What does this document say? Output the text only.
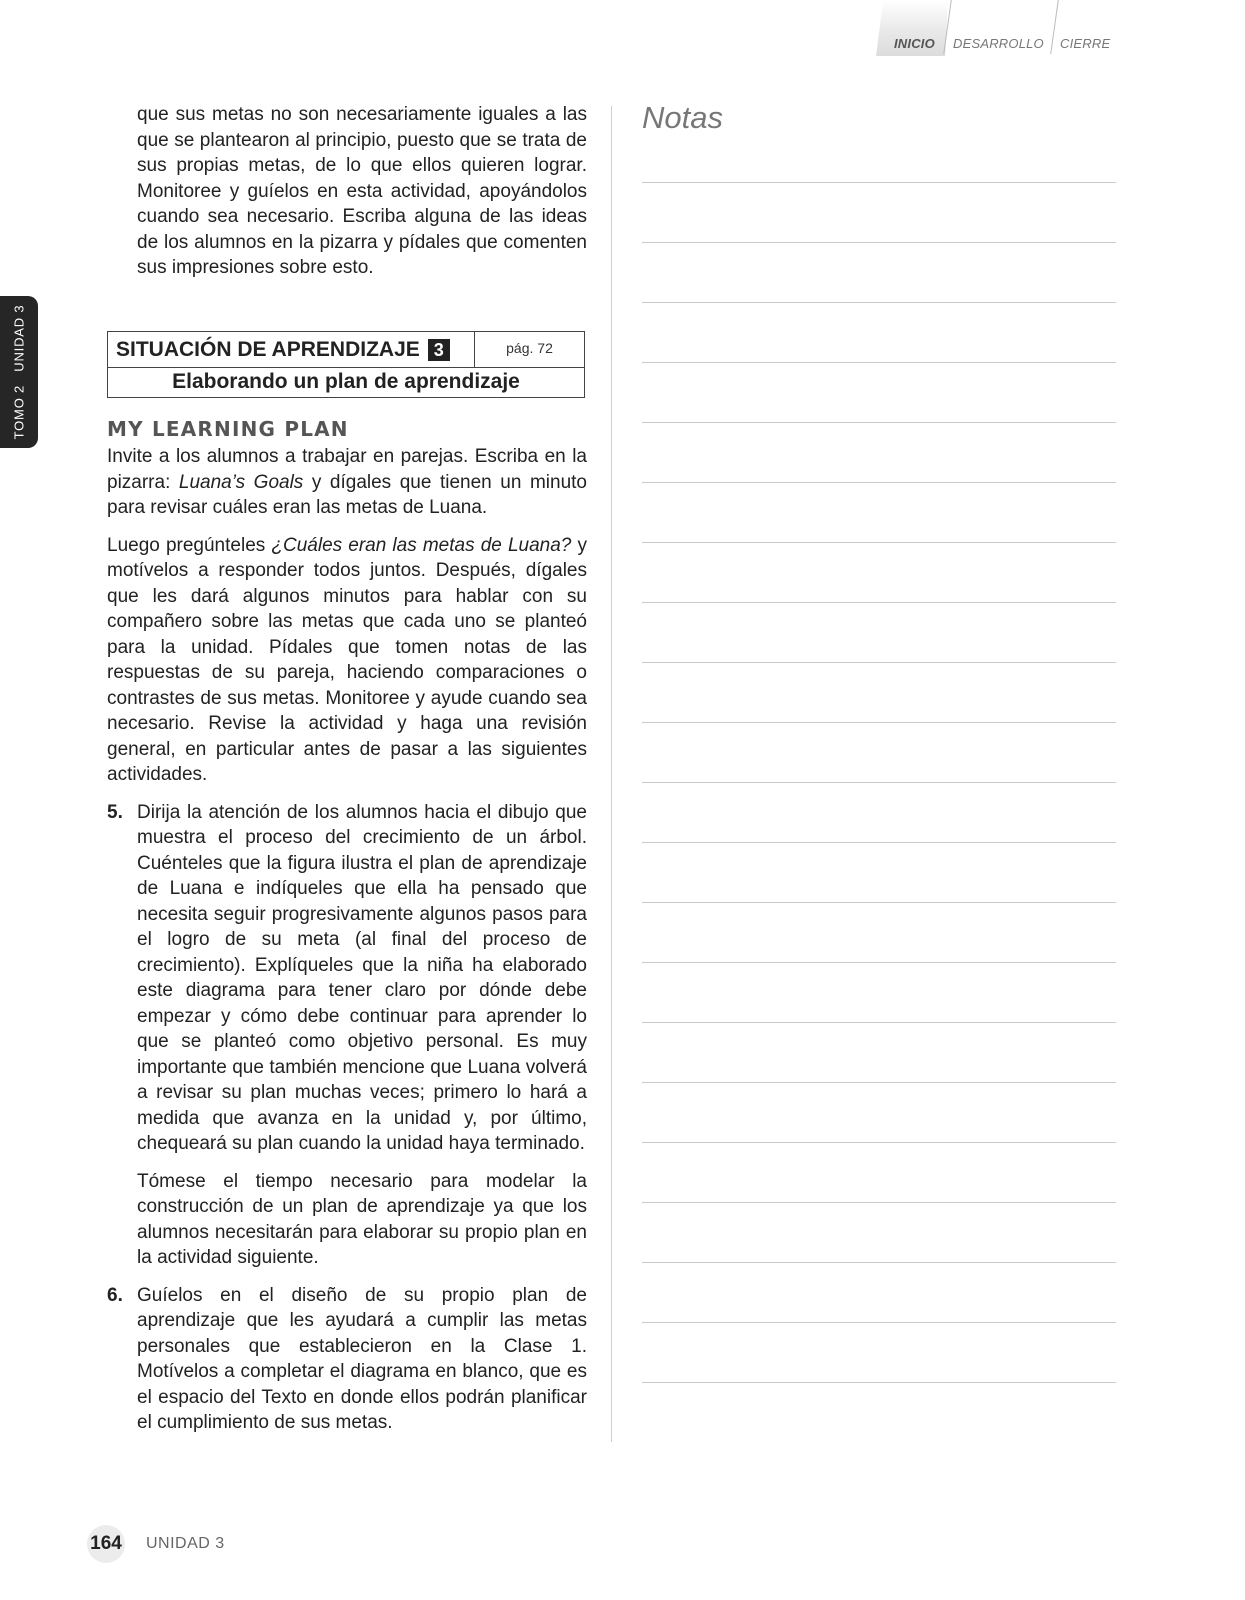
INICIO DESARROLLO CIERRE
TOMO 2   UNIDAD 3

que sus metas no son necesariamente iguales a las que se plantearon al principio, puesto que se trata de sus propias metas, de lo que ellos quieren lograr. Monitoree y guíelos en esta actividad, apoyándolos cuando sea necesario. Escriba alguna de las ideas de los alumnos en la pizarra y pídales que comenten sus impresiones sobre esto.

SITUACIÓN DE APRENDIZAJE 3	pág. 72
Elaborando un plan de aprendizaje
MY LEARNING PLAN

Invite a los alumnos a trabajar en parejas. Escriba en la pizarra: Luana’s Goals y dígales que tienen un minuto para revisar cuáles eran las metas de Luana.

Luego pregúnteles ¿Cuáles eran las metas de Luana? y motívelos a responder todos juntos. Después, dígales que les dará algunos minutos para hablar con su compañero sobre las metas que cada uno se planteó para la unidad. Pídales que tomen notas de las respuestas de su pareja, haciendo comparaciones o contrastes de sus metas. Monitoree y ayude cuando sea necesario. Revise la actividad y haga una revisión general, en particular antes de pasar a las siguientes actividades.

5. Dirija la atención de los alumnos hacia el dibujo que muestra el proceso del crecimiento de un árbol. Cuénteles que la figura ilustra el plan de aprendizaje de Luana e indíqueles que ella ha pensado que necesita seguir progresivamente algunos pasos para el logro de su meta (al final del proceso de crecimiento). Explíqueles que la niña ha elaborado este diagrama para tener claro por dónde debe empezar y cómo debe continuar para aprender lo que se planteó como objetivo personal. Es muy importante que también mencione que Luana volverá a revisar su plan muchas veces; primero lo hará a medida que avanza en la unidad y, por último, chequeará su plan cuando la unidad haya terminado.

Tómese el tiempo necesario para modelar la construcción de un plan de aprendizaje ya que los alumnos necesitarán para elaborar su propio plan en la actividad siguiente.

6. Guíelos en el diseño de su propio plan de aprendizaje que les ayudará a cumplir las metas personales que establecieron en la Clase 1. Motívelos a completar el diagrama en blanco, que es el espacio del Texto en donde ellos podrán planificar el cumplimiento de sus metas.
Notas
164 UNIDAD 3
